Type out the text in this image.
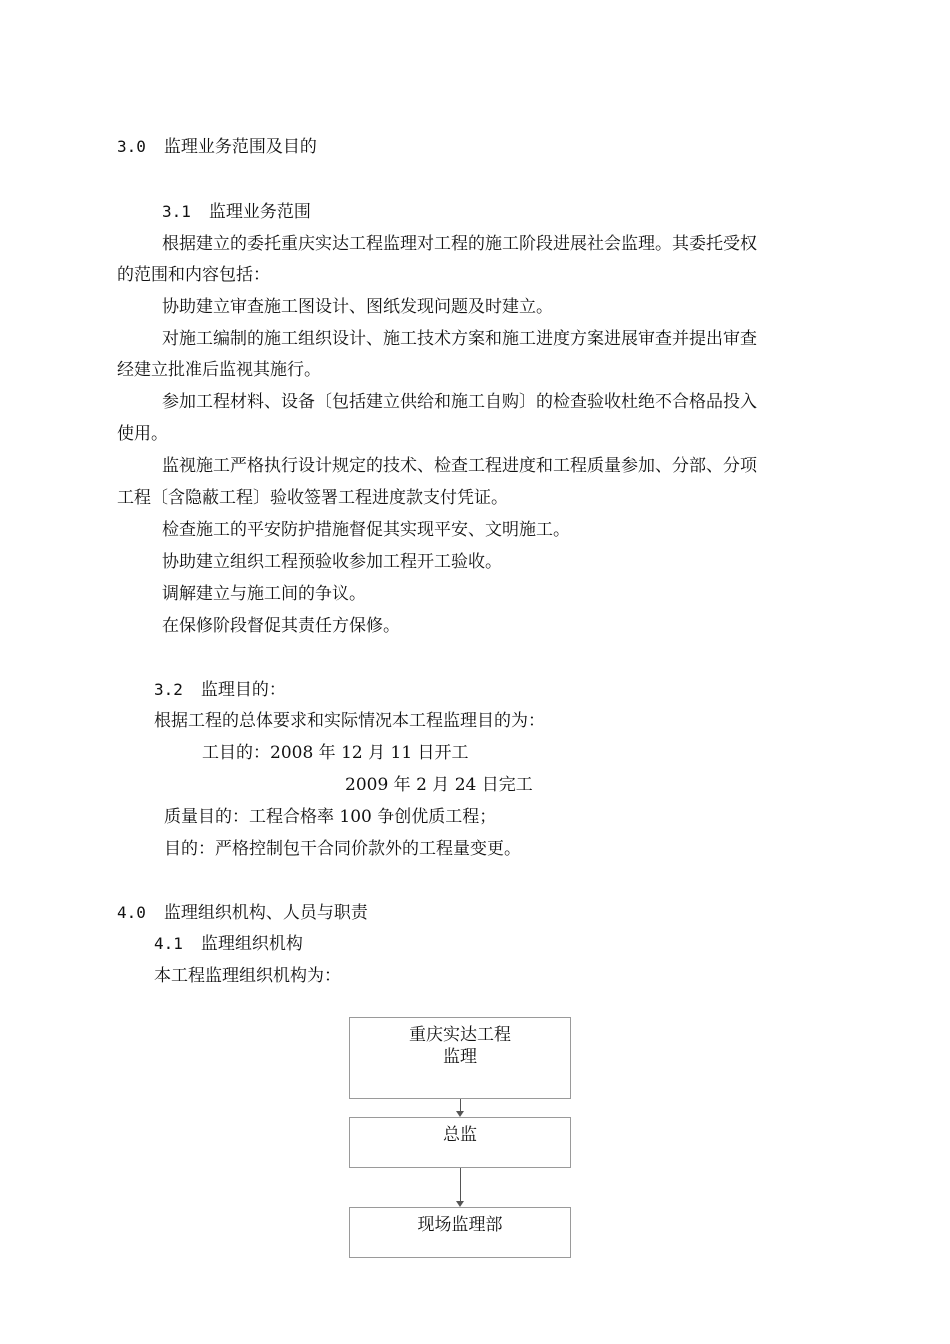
3.0 监理业务范围及目的
3.1 监理业务范围
根据建立的委托重庆实达工程监理对工程的施工阶段进展社会监理。其委托受权
的范围和内容包括：
协助建立审查施工图设计、图纸发现问题及时建立。
对施工编制的施工组织设计、施工技术方案和施工进度方案进展审查并提出审查
经建立批准后监视其施行。
参加工程材料、设备〔包括建立供给和施工自购〕的检查验收杜绝不合格品投入
使用。
监视施工严格执行设计规定的技术、检查工程进度和工程质量参加、分部、分项
工程〔含隐蔽工程〕验收签署工程进度款支付凭证。
检查施工的平安防护措施督促其实现平安、文明施工。
协助建立组织工程预验收参加工程开工验收。
调解建立与施工间的争议。
在保修阶段督促其责任方保修。
3.2 监理目的：
根据工程的总体要求和实际情况本工程监理目的为：
工目的：2008 年 12 月 11 日开工
2009 年 2 月 24 日完工
质量目的：工程合格率 100 争创优质工程；
目的：严格控制包干合同价款外的工程量变更。
4.0 监理组织机构、人员与职责
4.1 监理组织机构
本工程监理组织机构为：
重庆实达工程
监理
总监
现场监理部
